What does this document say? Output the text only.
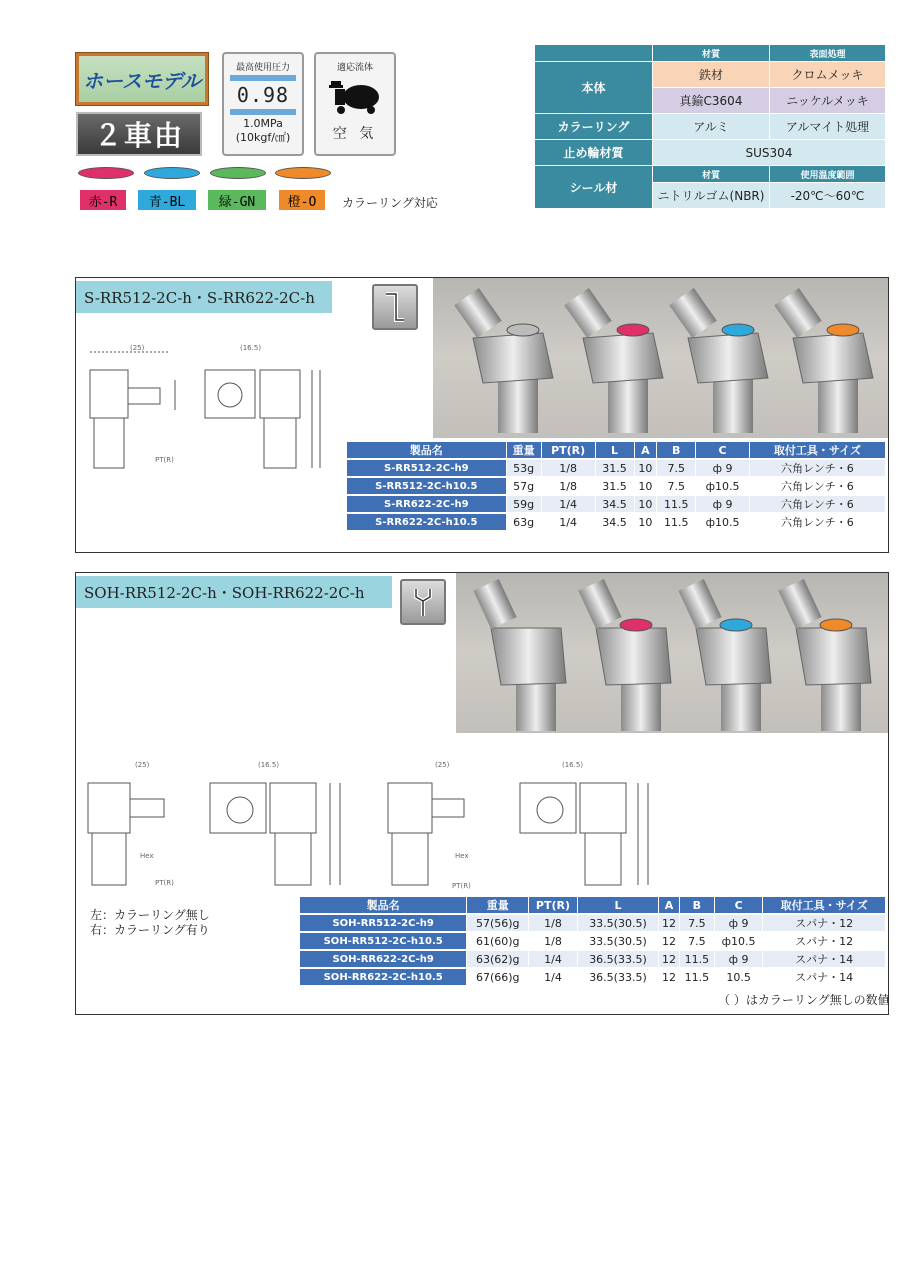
ホースモデル
２車由
最高使用圧力
0.98
1.0MPa
(10kgf/㎠)
適応流体
空 気
赤-R	青-BL	緑-GN	橙-O	カラーリング対応
	材質	表面処理
本体	鉄材	クロムメッキ
	真鍮C3604	ニッケルメッキ
カラーリング	アルミ	アルマイト処理
止め輪材質	SUS304	
シール材	材質	使用温度範囲
	ニトリルゴム(NBR)	-20℃～60℃
S-RR512-2C-h・S-RR622-2C-h
(25)	(16.5)
PT(R)
製品名	重量	PT(R)	L	A	B	C	取付工具・サイズ
S-RR512-2C-h9	53g	1/8	31.5	10	7.5	ф 9	六角レンチ・6
S-RR512-2C-h10.5	57g	1/8	31.5	10	7.5	ф10.5	六角レンチ・6
S-RR622-2C-h9	59g	1/4	34.5	10	11.5	ф 9	六角レンチ・6
S-RR622-2C-h10.5	63g	1/4	34.5	10	11.5	ф10.5	六角レンチ・6
SOH-RR512-2C-h・SOH-RR622-2C-h
(25)	(16.5)	(25)	(16.5)
Hex
PT(R)
Hex
PT(R)
左：カラーリング無し
右：カラーリング有り
製品名	重量	PT(R)	L	A	B	C	取付工具・サイズ
SOH-RR512-2C-h9	57(56)g	1/8	33.5(30.5)	12	7.5	ф 9	スパナ・12
SOH-RR512-2C-h10.5	61(60)g	1/8	33.5(30.5)	12	7.5	ф10.5	スパナ・12
SOH-RR622-2C-h9	63(62)g	1/4	36.5(33.5)	12	11.5	ф 9	スパナ・14
SOH-RR622-2C-h10.5	67(66)g	1/4	36.5(33.5)	12	11.5	10.5	スパナ・14
（ ）はカラーリング無しの数値
